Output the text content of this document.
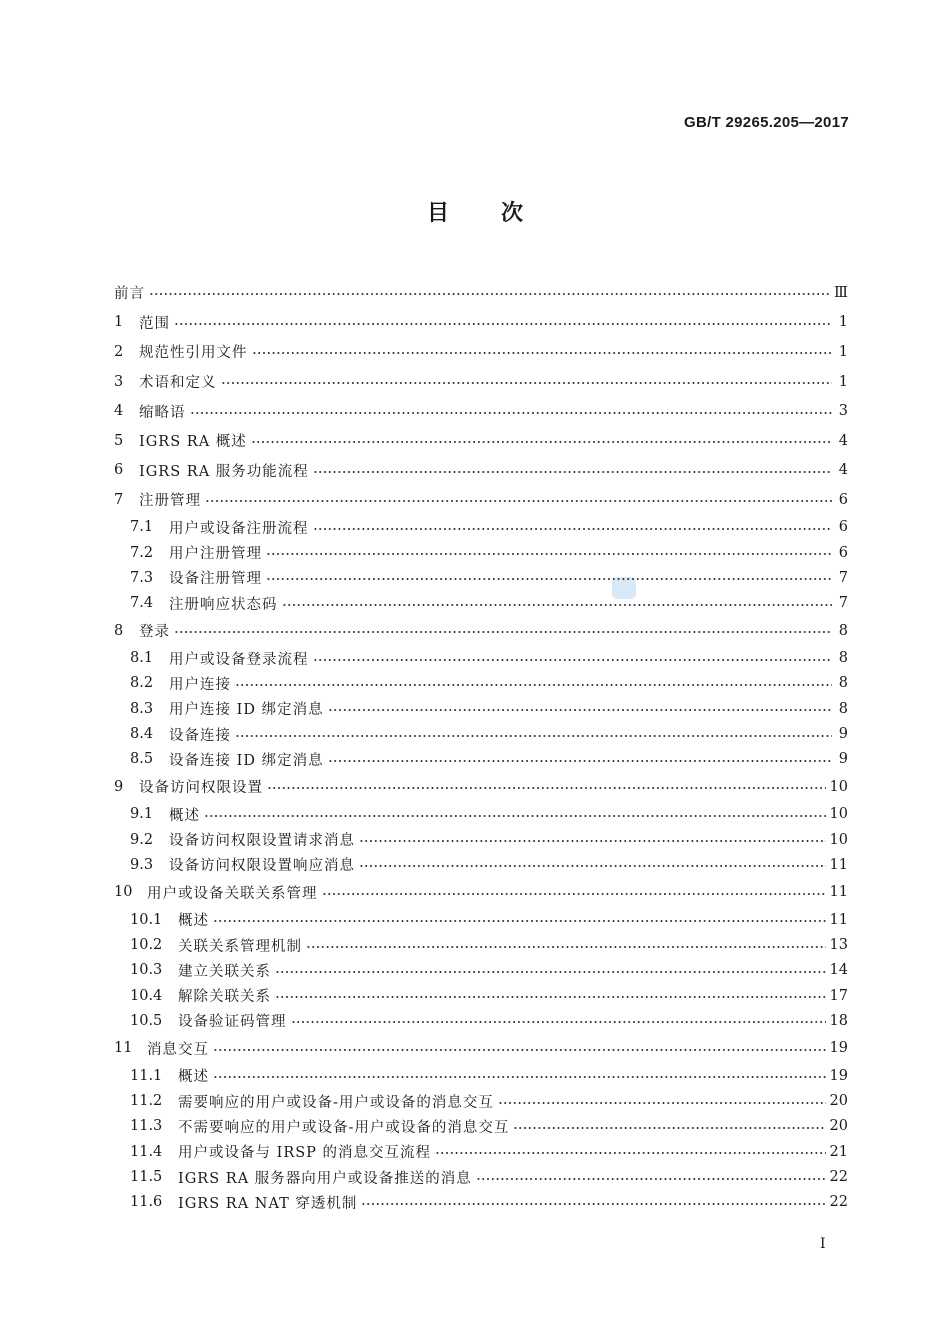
GB/T 29265.205—2017
目次
前言	Ⅲ
1	范围	1
2	规范性引用文件	1
3	术语和定义	1
4	缩略语	3
5	IGRS RA 概述	4
6	IGRS RA 服务功能流程	4
7	注册管理	6
7.1	用户或设备注册流程	6
7.2	用户注册管理	6
7.3	设备注册管理	7
7.4	注册响应状态码	7
8	登录	8
8.1	用户或设备登录流程	8
8.2	用户连接	8
8.3	用户连接 ID 绑定消息	8
8.4	设备连接	9
8.5	设备连接 ID 绑定消息	9
9	设备访问权限设置	10
9.1	概述	10
9.2	设备访问权限设置请求消息	10
9.3	设备访问权限设置响应消息	11
10	用户或设备关联关系管理	11
10.1	概述	11
10.2	关联关系管理机制	13
10.3	建立关联关系	14
10.4	解除关联关系	17
10.5	设备验证码管理	18
11	消息交互	19
11.1	概述	19
11.2	需要响应的用户或设备-用户或设备的消息交互	20
11.3	不需要响应的用户或设备-用户或设备的消息交互	20
11.4	用户或设备与 IRSP 的消息交互流程	21
11.5	IGRS RA 服务器向用户或设备推送的消息	22
11.6	IGRS RA NAT 穿透机制	22
I
